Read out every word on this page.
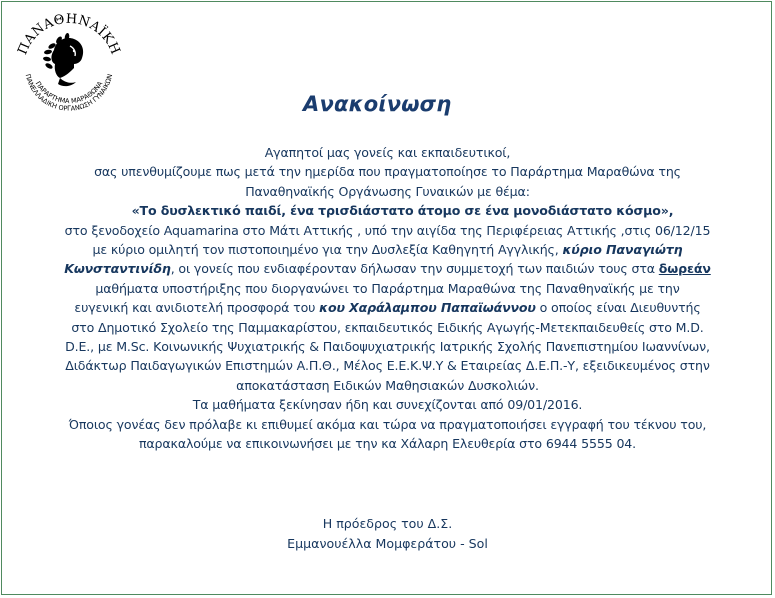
ΠΑΝΑΘΗΝΑΪΚΗ
ΠΑΝΕΛΛΑΔΙΚΗ ΟΡΓΑΝΩΣΗ ΓΥΝΑΙΚΩΝ
ΠΑΡΑΡΤΗΜΑ ΜΑΡΑΘΩΝΑ
Ανακοίνωση

Αγαπητοί μας γονείς και εκπαιδευτικοί,

σας υπενθυμίζουμε πως μετά την ημερίδα που πραγματοποίησε το Παράρτημα Μαραθώνα της

Παναθηναϊκής Οργάνωσης Γυναικών με θέμα:

«Το δυσλεκτικό παιδί, ένα τρισδιάστατο άτομο σε ένα μονοδιάστατο κόσμο»,

στο ξενοδοχείο Aquamarina στο Μάτι Αττικής , υπό την αιγίδα της Περιφέρειας Αττικής ,στις 06/12/15

με κύριο ομιλητή τον πιστοποιημένο για την Δυσλεξία Καθηγητή Αγγλικής, κύριο Παναγιώτη

Κωνσταντινίδη, οι γονείς που ενδιαφέρονταν δήλωσαν την συμμετοχή των παιδιών τους στα δωρεάν

μαθήματα υποστήριξης που διοργανώνει το Παράρτημα Μαραθώνα της Παναθηναϊκής με την

ευγενική και ανιδιοτελή προσφορά του κου Χαράλαμπου Παπαϊωάννου ο οποίος είναι Διευθυντής

στο Δημοτικό Σχολείο της Παμμακαρίστου, εκπαιδευτικός Ειδικής Αγωγής-Μετεκπαιδευθείς στο Μ.D.

D.E., με M.Sc. Κοινωνικής Ψυχιατρικής & Παιδοψυχιατρικής Ιατρικής Σχολής Πανεπιστημίου Ιωαννίνων,

Διδάκτωρ Παιδαγωγικών Επιστημών Α.Π.Θ., Μέλος Ε.Ε.Κ.Ψ.Υ & Εταιρείας Δ.Ε.Π.-Υ, εξειδικευμένος στην

αποκατάσταση Ειδικών Μαθησιακών Δυσκολιών.

Τα μαθήματα ξεκίνησαν ήδη και συνεχίζονται από 09/01/2016.

Όποιος γονέας δεν πρόλαβε κι επιθυμεί ακόμα και τώρα να πραγματοποιήσει εγγραφή του τέκνου του,

παρακαλούμε να επικοινωνήσει με την κα Χάλαρη Ελευθερία στο 6944 5555 04.

Η πρόεδρος του Δ.Σ.

Εμμανουέλλα Μομφεράτου - Sol
